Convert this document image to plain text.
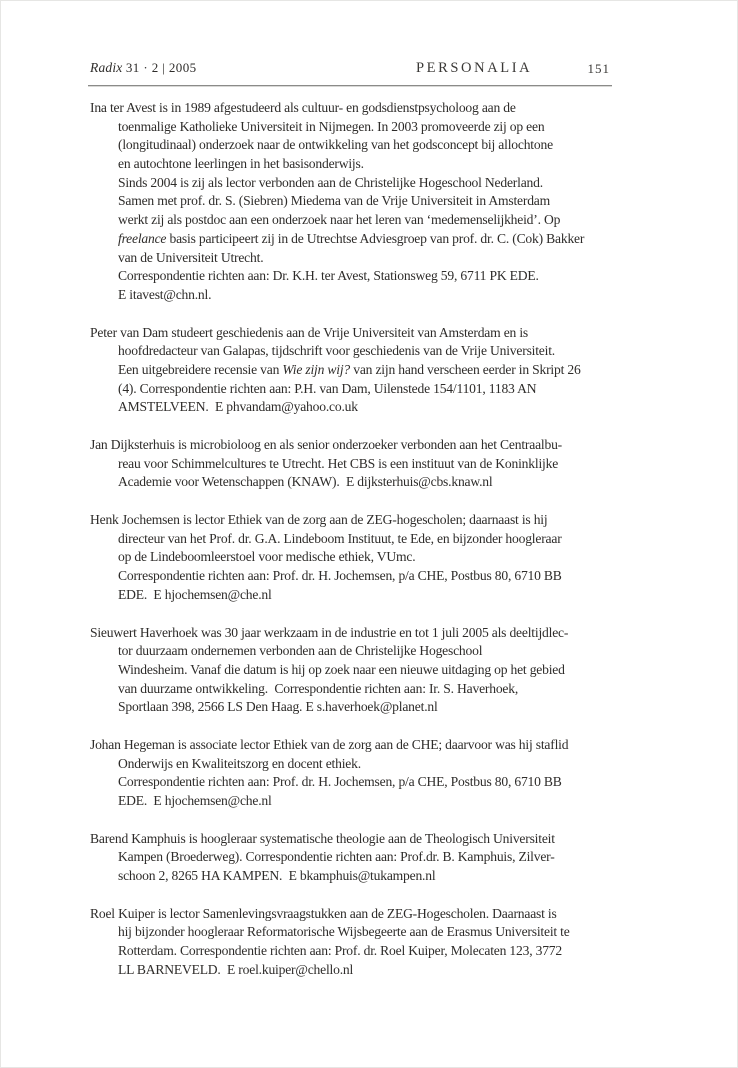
Radix 31 · 2 | 2005	PERSONALIA	151
Ina ter Avest is in 1989 afgestudeerd als cultuur- en godsdienstpsycholoog aan de
toenmalige Katholieke Universiteit in Nijmegen. In 2003 promoveerde zij op een
(longitudinaal) onderzoek naar de ontwikkeling van het godsconcept bij allochtone
en autochtone leerlingen in het basisonderwijs.
Sinds 2004 is zij als lector verbonden aan de Christelijke Hogeschool Nederland.
Samen met prof. dr. S. (Siebren) Miedema van de Vrije Universiteit in Amsterdam
werkt zij als postdoc aan een onderzoek naar het leren van ‘medemenselijkheid’. Op
freelance basis participeert zij in de Utrechtse Adviesgroep van prof. dr. C. (Cok) Bakker
van de Universiteit Utrecht.
Correspondentie richten aan: Dr. K.H. ter Avest, Stationsweg 59, 6711 PK EDE.
E itavest@chn.nl.
Peter van Dam studeert geschiedenis aan de Vrije Universiteit van Amsterdam en is
hoofdredacteur van Galapas, tijdschrift voor geschiedenis van de Vrije Universiteit.
Een uitgebreidere recensie van Wie zijn wij? van zijn hand verscheen eerder in Skript 26
(4). Correspondentie richten aan: P.H. van Dam, Uilenstede 154/1101, 1183 AN
AMSTELVEEN.  E phvandam@yahoo.co.uk
Jan Dijksterhuis is microbioloog en als senior onderzoeker verbonden aan het Centraalbu-
reau voor Schimmelcultures te Utrecht. Het CBS is een instituut van de Koninklijke
Academie voor Wetenschappen (KNAW).  E dijksterhuis@cbs.knaw.nl
Henk Jochemsen is lector Ethiek van de zorg aan de ZEG-hogescholen; daarnaast is hij
directeur van het Prof. dr. G.A. Lindeboom Instituut, te Ede, en bijzonder hoogleraar
op de Lindeboomleerstoel voor medische ethiek, VUmc.
Correspondentie richten aan: Prof. dr. H. Jochemsen, p/a CHE, Postbus 80, 6710 BB
EDE.  E hjochemsen@che.nl
Sieuwert Haverhoek was 30 jaar werkzaam in de industrie en tot 1 juli 2005 als deeltijdlec-
tor duurzaam ondernemen verbonden aan de Christelijke Hogeschool
Windesheim. Vanaf die datum is hij op zoek naar een nieuwe uitdaging op het gebied
van duurzame ontwikkeling.  Correspondentie richten aan: Ir. S. Haverhoek,
Sportlaan 398, 2566 LS Den Haag. E s.haverhoek@planet.nl
Johan Hegeman is associate lector Ethiek van de zorg aan de CHE; daarvoor was hij staflid
Onderwijs en Kwaliteitszorg en docent ethiek.
Correspondentie richten aan: Prof. dr. H. Jochemsen, p/a CHE, Postbus 80, 6710 BB
EDE.  E hjochemsen@che.nl
Barend Kamphuis is hoogleraar systematische theologie aan de Theologisch Universiteit
Kampen (Broederweg). Correspondentie richten aan: Prof.dr. B. Kamphuis, Zilver-
schoon 2, 8265 HA KAMPEN.  E bkamphuis@tukampen.nl
Roel Kuiper is lector Samenlevingsvraagstukken aan de ZEG-Hogescholen. Daarnaast is
hij bijzonder hoogleraar Reformatorische Wijsbegeerte aan de Erasmus Universiteit te
Rotterdam. Correspondentie richten aan: Prof. dr. Roel Kuiper, Molecaten 123, 3772
LL BARNEVELD.  E roel.kuiper@chello.nl
